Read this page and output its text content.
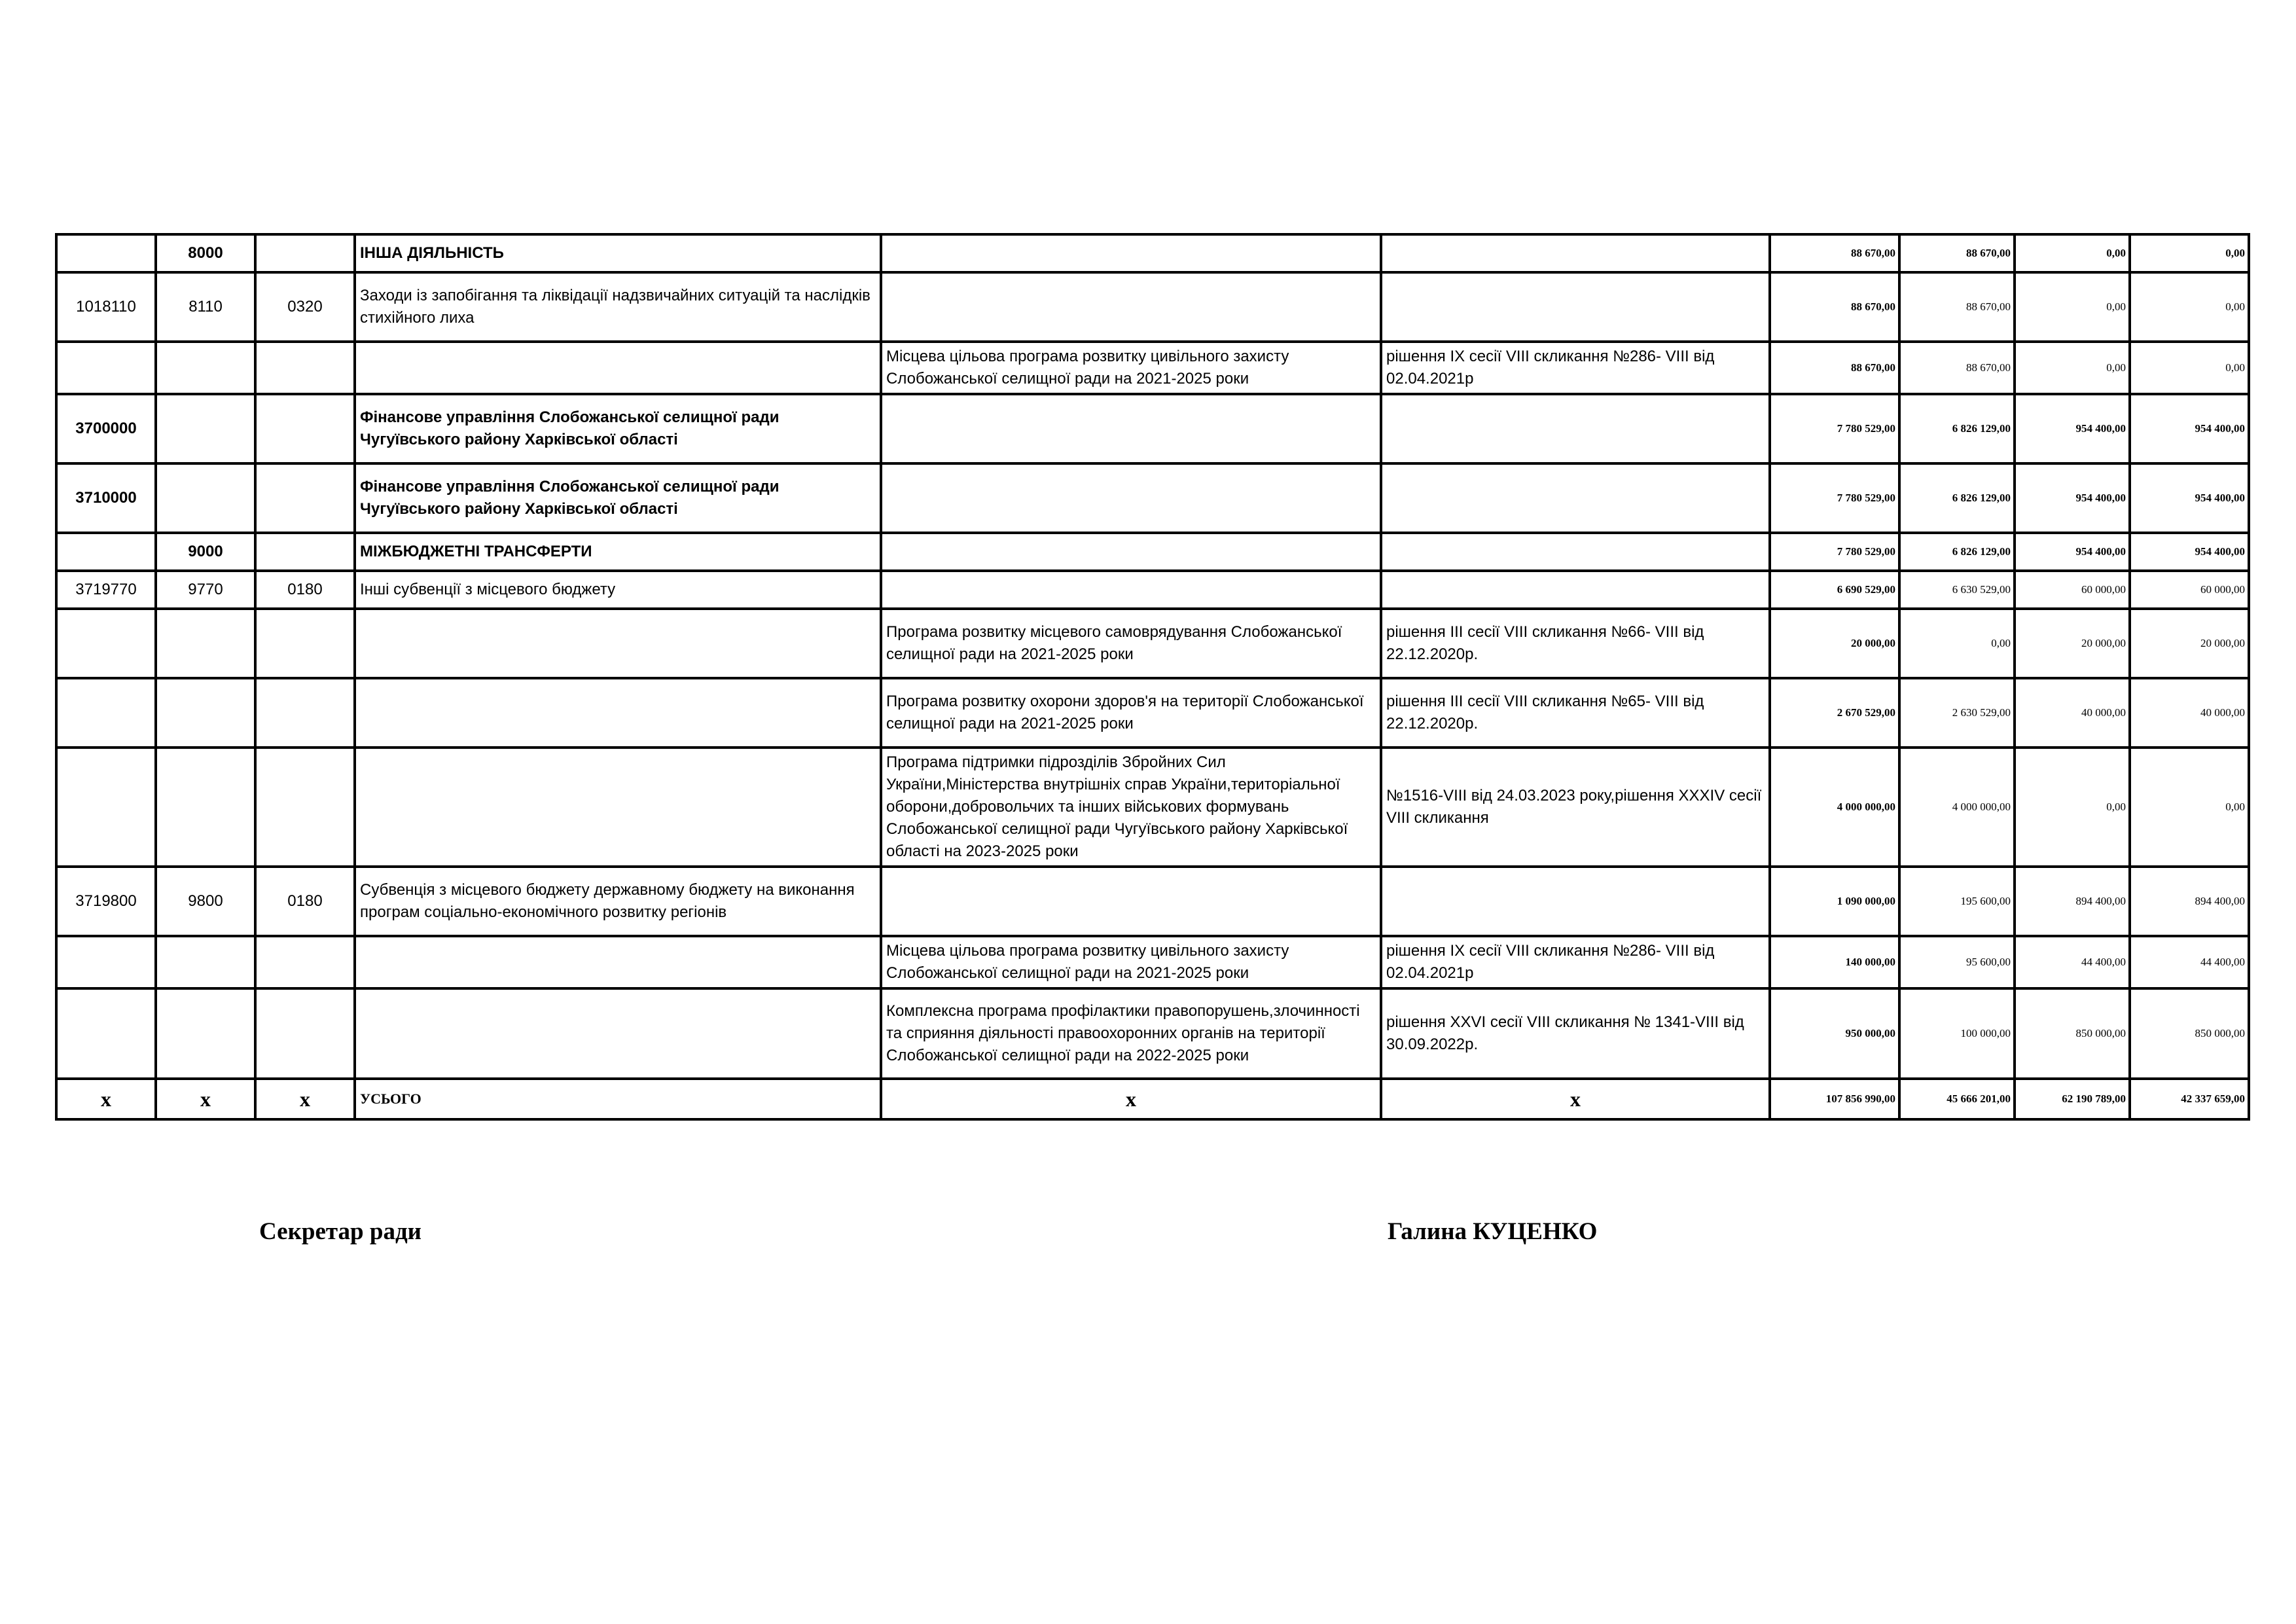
	8000		ІНША ДІЯЛЬНІСТЬ			88 670,00	88 670,00	0,00	0,00
1018110	8110	0320	Заходи із запобігання та ліквідації надзвичайних ситуацій та наслідків стихійного лиха			88 670,00	88 670,00	0,00	0,00
				Місцева цільова програма розвитку цивільного захисту Слобожанської селищної ради на 2021-2025 роки	рішення ІХ сесії VIII скликання №286- VIII від 02.04.2021р	88 670,00	88 670,00	0,00	0,00
3700000			Фінансове управління Слобожанської селищної ради Чугуївського району Харківської області			7 780 529,00	6 826 129,00	954 400,00	954 400,00
3710000			Фінансове управління Слобожанської селищної ради Чугуївського району Харківської області			7 780 529,00	6 826 129,00	954 400,00	954 400,00
	9000		МІЖБЮДЖЕТНІ ТРАНСФЕРТИ			7 780 529,00	6 826 129,00	954 400,00	954 400,00
3719770	9770	0180	Інші субвенції з місцевого бюджету			6 690 529,00	6 630 529,00	60 000,00	60 000,00
				Програма розвитку місцевого самоврядування Слобожанської селищної ради на 2021-2025 роки	рішення ІІІ сесії VIII скликання №66- VIII від 22.12.2020р.	20 000,00	0,00	20 000,00	20 000,00
				Програма розвитку охорони здоров'я на території Слобожанської селищної ради на 2021-2025 роки	рішення ІІІ сесії VIII скликання №65- VIII від 22.12.2020р.	2 670 529,00	2 630 529,00	40 000,00	40 000,00
				Програма підтримки підрозділів Збройних Сил України,Міністерства внутрішніх справ України,територіальної оборони,добровольчих та інших військових формувань Слобожанської селищної ради Чугуївського району Харківської області на 2023-2025 роки	№1516-VIII від 24.03.2023 року,рішення XXXIV сесії VIII скликання	4 000 000,00	4 000 000,00	0,00	0,00
3719800	9800	0180	Субвенція з місцевого бюджету державному бюджету на виконання програм соціально-економічного розвитку регіонів			1 090 000,00	195 600,00	894 400,00	894 400,00
				Місцева цільова програма розвитку цивільного захисту Слобожанської селищної ради на 2021-2025 роки	рішення ІХ сесії VIII скликання №286- VIII від 02.04.2021р	140 000,00	95 600,00	44 400,00	44 400,00
				Комплексна програма профілактики правопорушень,злочинності та сприяння діяльності правоохоронних органів на території Слобожанської селищної ради на 2022-2025 роки	рішення XXVI сесії VIII скликання № 1341-VIII від 30.09.2022р.	950 000,00	100 000,00	850 000,00	850 000,00
х	х	х	УСЬОГО	х	х	107 856 990,00	45 666 201,00	62 190 789,00	42 337 659,00
Секретар ради	Галина КУЦЕНКО
